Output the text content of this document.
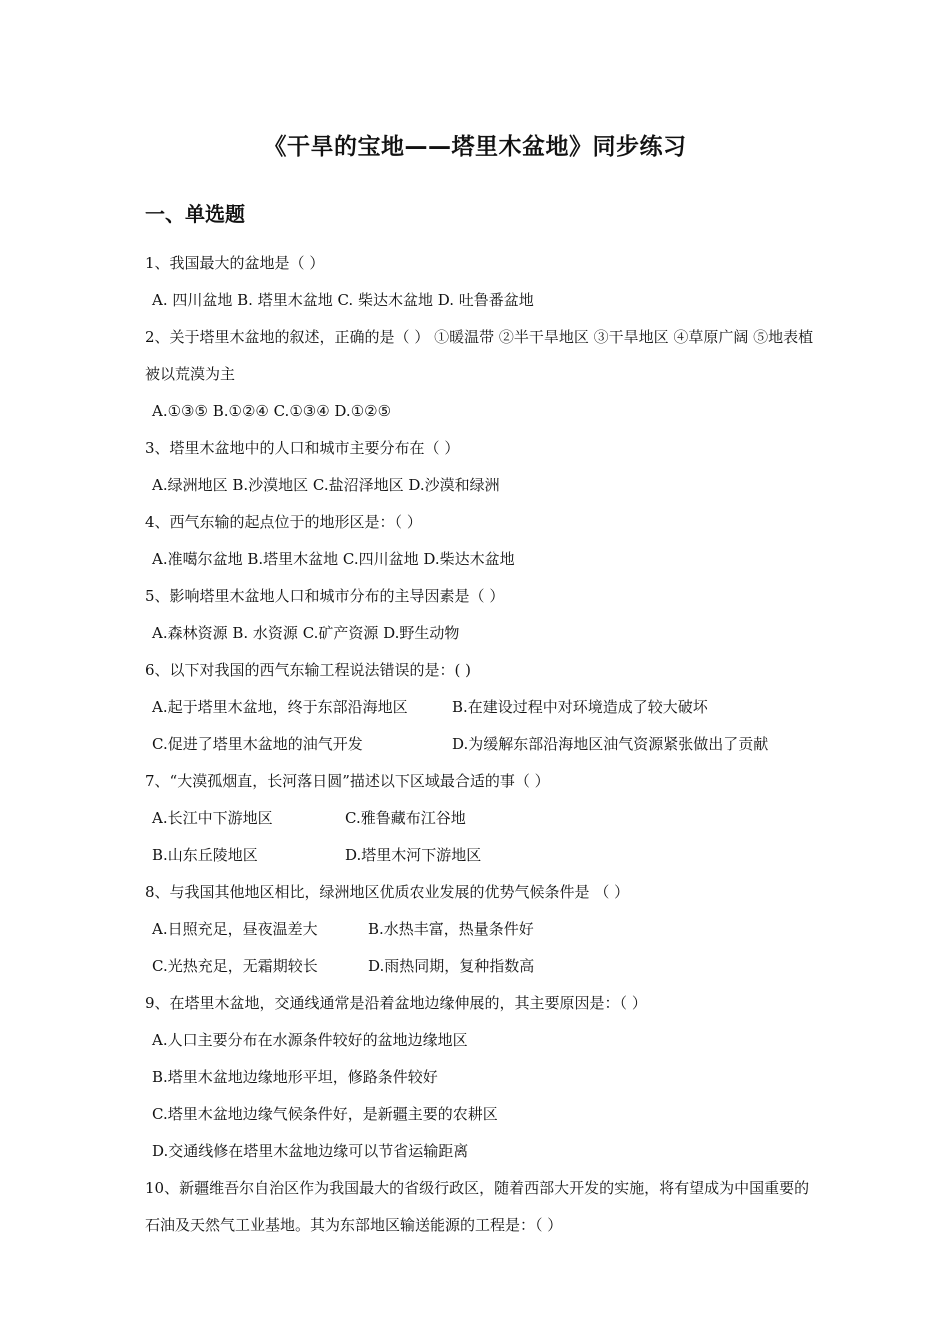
《干旱的宝地——塔里木盆地》同步练习
一、单选题
1、我国最大的盆地是（ ）
A. 四川盆地 B. 塔里木盆地 C. 柴达木盆地 D. 吐鲁番盆地
2、关于塔里木盆地的叙述，正确的是（ ） ①暖温带 ②半干旱地区 ③干旱地区 ④草原广阔 ⑤地表植被以荒漠为主
A.①③⑤ B.①②④ C.①③④ D.①②⑤
3、塔里木盆地中的人口和城市主要分布在（ ）
A.绿洲地区 B.沙漠地区 C.盐沼泽地区 D.沙漠和绿洲
4、西气东输的起点位于的地形区是：（ ）
A.准噶尔盆地 B.塔里木盆地 C.四川盆地 D.柴达木盆地
5、影响塔里木盆地人口和城市分布的主导因素是（ ）
A.森林资源 B. 水资源 C.矿产资源 D.野生动物
6、以下对我国的西气东输工程说法错误的是：( )
A.起于塔里木盆地，终于东部沿海地区	B.在建设过程中对环境造成了较大破坏
C.促进了塔里木盆地的油气开发	D.为缓解东部沿海地区油气资源紧张做出了贡献
7、“大漠孤烟直，长河落日圆”描述以下区域最合适的事（ ）
A.长江中下游地区	C.雅鲁藏布江谷地
B.山东丘陵地区	D.塔里木河下游地区
8、与我国其他地区相比，绿洲地区优质农业发展的优势气候条件是 （ ）
A.日照充足，昼夜温差大	B.水热丰富，热量条件好
C.光热充足，无霜期较长	D.雨热同期，复种指数高
9、在塔里木盆地，交通线通常是沿着盆地边缘伸展的，其主要原因是：（ ）
A.人口主要分布在水源条件较好的盆地边缘地区
B.塔里木盆地边缘地形平坦，修路条件较好
C.塔里木盆地边缘气候条件好，是新疆主要的农耕区
D.交通线修在塔里木盆地边缘可以节省运输距离
10、新疆维吾尔自治区作为我国最大的省级行政区，随着西部大开发的实施，将有望成为中国重要的石油及天然气工业基地。其为东部地区输送能源的工程是：（ ）
